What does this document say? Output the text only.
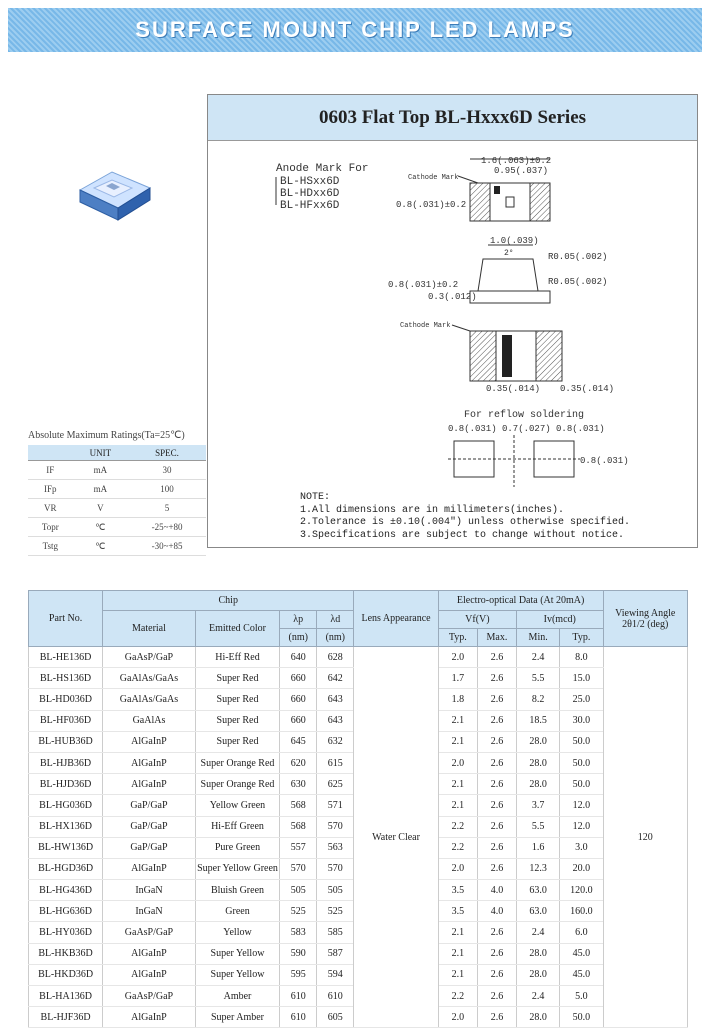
SURFACE MOUNT CHIP LED LAMPS
0603 Flat Top BL-Hxxx6D Series
Anode Mark For
BL-HSxx6D
BL-HDxx6D
BL-HFxx6D
1.6(.063)±0.2
0.95(.037)
Cathode Mark
0.8(.031)±0.2
1.0(.039)
2°	R0.05(.002)
R0.05(.002)
0.8(.031)±0.2
0.3(.012)
Cathode Mark
0.35(.014) 0.35(.014)
For reflow soldering
0.8(.031) 0.7(.027) 0.8(.031)
0.8(.031)
Absolute Maximum Ratings(Ta=25℃)
	UNIT	SPEC.
IF	mA	30
IFp	mA	100
VR	V	5
Topr	℃	-25~+80
Tstg	℃	-30~+85
NOTE:
1.All dimensions are in millimeters(inches).
2.Tolerance is ±0.10(.004") unless otherwise specified.
3.Specifications are subject to change without notice.
Part No.	Chip				Lens Appearance	Electro-optical Data (At 20mA)				Viewing Angle 2θ1/2 (deg)
	Material	Emitted Color	λp	λd		Vf(V)		Iv(mcd)		
			(nm)	(nm)		Typ.	Max.	Min.	Typ.	
BL-HE136D	GaAsP/GaP	Hi-Eff Red	640	628	Water Clear	2.0	2.6	2.4	8.0	120
BL-HS136D	GaAlAs/GaAs	Super Red	660	642		1.7	2.6	5.5	15.0	
BL-HD036D	GaAlAs/GaAs	Super Red	660	643		1.8	2.6	8.2	25.0	
BL-HF036D	GaAlAs	Super Red	660	643		2.1	2.6	18.5	30.0	
BL-HUB36D	AlGaInP	Super Red	645	632		2.1	2.6	28.0	50.0	
BL-HJB36D	AlGaInP	Super Orange Red	620	615		2.0	2.6	28.0	50.0	
BL-HJD36D	AlGaInP	Super Orange Red	630	625		2.1	2.6	28.0	50.0	
BL-HG036D	GaP/GaP	Yellow Green	568	571		2.1	2.6	3.7	12.0	
BL-HX136D	GaP/GaP	Hi-Eff Green	568	570		2.2	2.6	5.5	12.0	
BL-HW136D	GaP/GaP	Pure Green	557	563		2.2	2.6	1.6	3.0	
BL-HGD36D	AlGaInP	Super Yellow Green	570	570		2.0	2.6	12.3	20.0	
BL-HG436D	InGaN	Bluish Green	505	505		3.5	4.0	63.0	120.0	
BL-HG636D	InGaN	Green	525	525		3.5	4.0	63.0	160.0	
BL-HY036D	GaAsP/GaP	Yellow	583	585		2.1	2.6	2.4	6.0	
BL-HKB36D	AlGaInP	Super Yellow	590	587		2.1	2.6	28.0	45.0	
BL-HKD36D	AlGaInP	Super Yellow	595	594		2.1	2.6	28.0	45.0	
BL-HA136D	GaAsP/GaP	Amber	610	610		2.2	2.6	2.4	5.0	
BL-HJF36D	AlGaInP	Super Amber	610	605		2.0	2.6	28.0	50.0	
